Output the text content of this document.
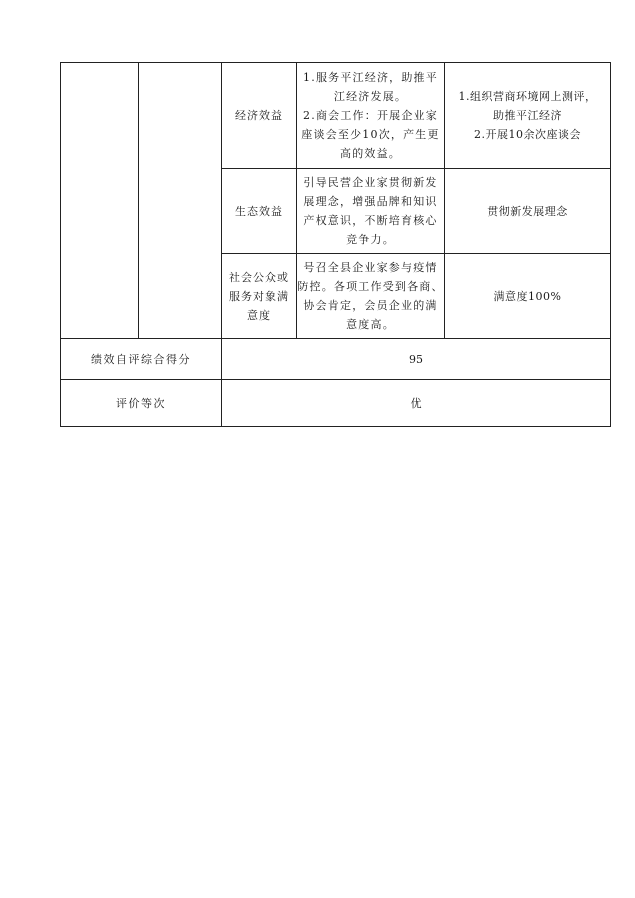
		经济效益	1.服务平江经济，助推平
江经济发展。
2.商会工作：开展企业家
座谈会至少10次，产生更
高的效益。	1.组织营商环境网上测评，
助推平江经济
2.开展10余次座谈会

		生态效益	引导民营企业家贯彻新发
展理念，增强品牌和知识
产权意识，不断培育核心
竞争力。	贯彻新发展理念

		社会公众或
服务对象满
意度	号召全县企业家参与疫情
防控。各项工作受到各商、
协会肯定，会员企业的满
意度高。	满意度100%

绩效自评综合得分		95		
评价等次		优		
